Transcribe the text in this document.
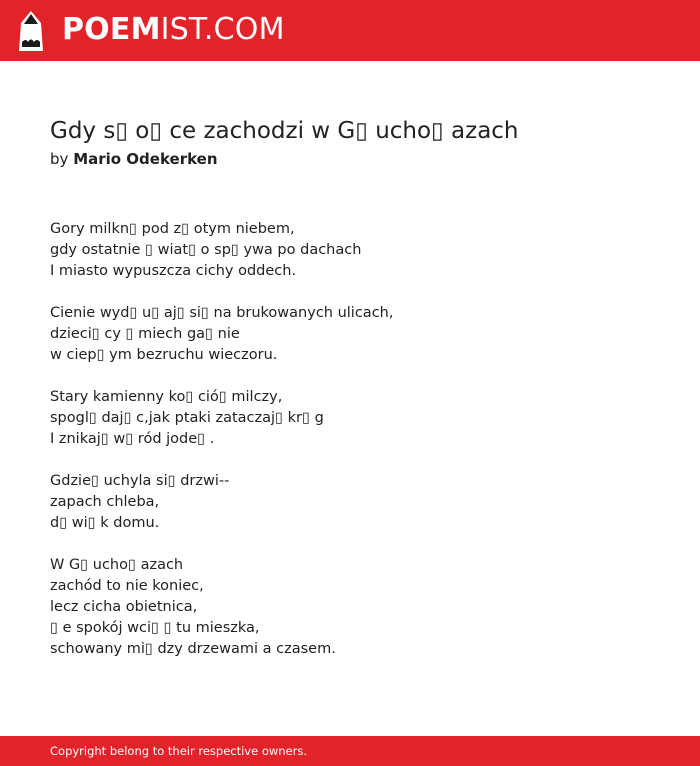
POEMIST.COM
Gdy s▯ o▯ ce zachodzi w G▯ ucho▯ azach
by Mario Odekerken
Gory milkn▯ pod z▯ otym niebem,
gdy ostatnie ▯ wiat▯ o sp▯ ywa po dachach
I miasto wypuszcza cichy oddech.
Cienie wyd▯ u▯ aj▯ si▯ na brukowanych ulicach,
dzieci▯ cy ▯ miech ga▯ nie
w ciep▯ ym bezruchu wieczoru.
Stary kamienny ko▯ ció▯ milczy,
spogl▯ daj▯ c,jak ptaki zataczaj▯ kr▯ g
I znikaj▯ w▯ ród jode▯ .
Gdzie▯ uchyla si▯ drzwi--
zapach chleba,
d▯ wi▯ k domu.
W G▯ ucho▯ azach
zachód to nie koniec,
lecz cicha obietnica,
▯ e spokój wci▯ ▯ tu mieszka,
schowany mi▯ dzy drzewami a czasem.
Copyright belong to their respective owners.
